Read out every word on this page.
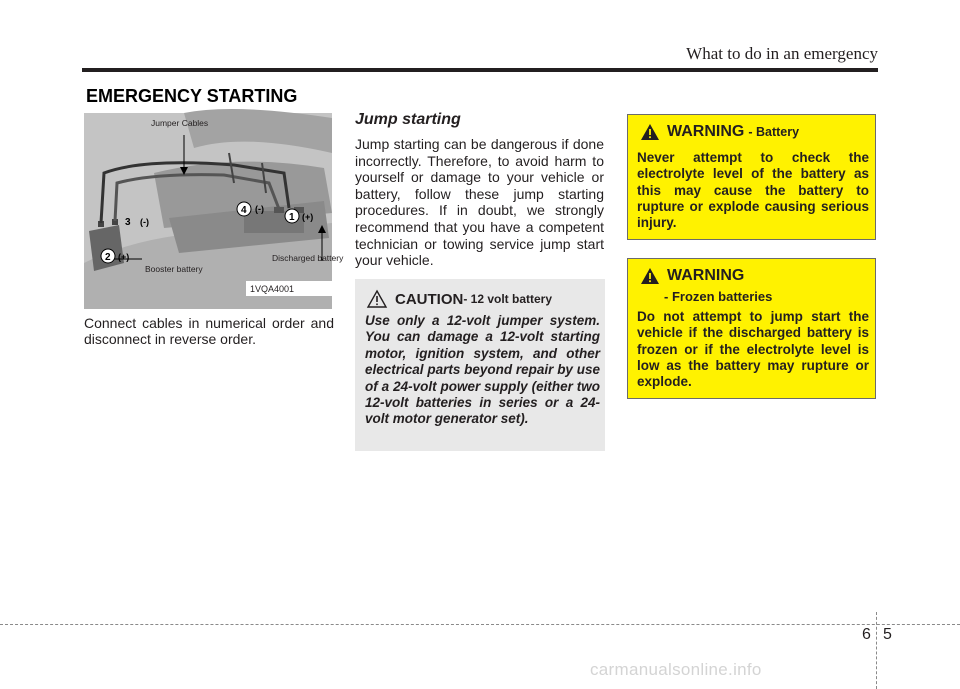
What to do in an emergency
EMERGENCY STARTING
Jumper Cables
Booster battery
Discharged battery
2
3
4
1 (+)
(+)
(-)
(-)
1VQA4001
Connect cables in numerical order and disconnect in reverse order.
Jump starting
Jump starting can be dangerous if done incorrectly. Therefore, to avoid harm to yourself or damage to your vehicle or battery, follow these jump starting procedures. If in doubt, we strongly recommend that you have a competent technician or towing service jump start your vehicle.
CAUTION - 12 volt battery
Use only a 12-volt jumper system. You can damage a 12-volt starting motor, ignition system, and other electrical parts beyond repair by use of a 24-volt power supply (either two 12-volt batteries in series or a 24-volt motor generator set).
WARNING - Battery
Never attempt to check the electrolyte level of the battery as this may cause the battery to rupture or explode causing serious injury.
WARNING
- Frozen batteries
Do not attempt to jump start the vehicle if the discharged battery is frozen or if the electrolyte level is low as the battery may rupture or explode.
6 5
carmanualsonline.info
